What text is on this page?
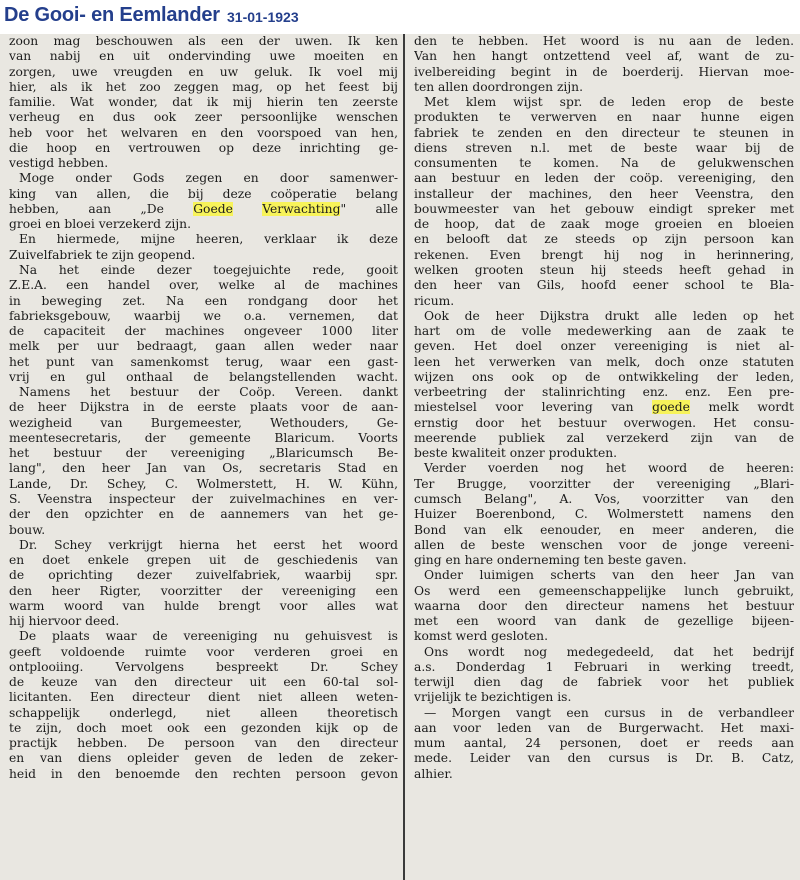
De Gooi- en Eemlander 31-01-1923
zoon mag beschouwen als een der uwen. Ik ken
van nabij en uit ondervinding uwe moeiten en
zorgen, uwe vreugden en uw geluk. Ik voel mij
hier, als ik het zoo zeggen mag, op het feest bij
familie. Wat wonder, dat ik mij hierin ten zeerste
verheug en dus ook zeer persoonlijke wenschen
heb voor het welvaren en den voorspoed van hen,
die hoop en vertrouwen op deze inrichting ge-
vestigd hebben.
Moge onder Gods zegen en door samenwer-
king van allen, die bij deze coöperatie belang
hebben, aan „De Goede Verwachting" alle
groei en bloei verzekerd zijn.
En hiermede, mijne heeren, verklaar ik deze
Zuivelfabriek te zijn geopend.
Na het einde dezer toegejuichte rede, gooit
Z.E.A. een handel over, welke al de machines
in beweging zet. Na een rondgang door het
fabrieksgebouw, waarbij we o.a. vernemen, dat
de capaciteit der machines ongeveer 1000 liter
melk per uur bedraagt, gaan allen weder naar
het punt van samenkomst terug, waar een gast-
vrij en gul onthaal de belangstellenden wacht.
Namens het bestuur der Coöp. Vereen. dankt
de heer Dijkstra in de eerste plaats voor de aan-
wezigheid van Burgemeester, Wethouders, Ge-
meentesecretaris, der gemeente Blaricum. Voorts
het bestuur der vereeniging „Blaricumsch Be-
lang", den heer Jan van Os, secretaris Stad en
Lande, Dr. Schey, C. Wolmerstett, H. W. Kühn,
S. Veenstra inspecteur der zuivelmachines en ver-
der den opzichter en de aannemers van het ge-
bouw.
Dr. Schey verkrijgt hierna het eerst het woord
en doet enkele grepen uit de geschiedenis van
de oprichting dezer zuivelfabriek, waarbij spr.
den heer Rigter, voorzitter der vereeniging een
warm woord van hulde brengt voor alles wat
hij hiervoor deed.
De plaats waar de vereeniging nu gehuisvest is
geeft voldoende ruimte voor verderen groei en
ontplooiing. Vervolgens bespreekt Dr. Schey
de keuze van den directeur uit een 60-tal sol-
licitanten. Een directeur dient niet alleen weten-
schappelijk onderlegd, niet alleen theoretisch
te zijn, doch moet ook een gezonden kijk op de
practijk hebben. De persoon van den directeur
en van diens opleider geven de leden de zeker-
heid in den benoemde den rechten persoon gevon
den te hebben. Het woord is nu aan de leden.
Van hen hangt ontzettend veel af, want de zu-
ivelbereiding begint in de boerderij. Hiervan moe-
ten allen doordrongen zijn.
Met klem wijst spr. de leden erop de beste
produkten te verwerven en naar hunne eigen
fabriek te zenden en den directeur te steunen in
diens streven n.l. met de beste waar bij de
consumenten te komen. Na de gelukwenschen
aan bestuur en leden der coöp. vereeniging, den
installeur der machines, den heer Veenstra, den
bouwmeester van het gebouw eindigt spreker met
de hoop, dat de zaak moge groeien en bloeien
en belooft dat ze steeds op zijn persoon kan
rekenen. Even brengt hij nog in herinnering,
welken grooten steun hij steeds heeft gehad in
den heer van Gils, hoofd eener school te Bla-
ricum.
Ook de heer Dijkstra drukt alle leden op het
hart om de volle medewerking aan de zaak te
geven. Het doel onzer vereeniging is niet al-
leen het verwerken van melk, doch onze statuten
wijzen ons ook op de ontwikkeling der leden,
verbeetring der stalinrichting enz. enz. Een pre-
miestelsel voor levering van goede melk wordt
ernstig door het bestuur overwogen. Het consu-
meerende publiek zal verzekerd zijn van de
beste kwaliteit onzer produkten.
Verder voerden nog het woord de heeren:
Ter Brugge, voorzitter der vereeniging „Blari-
cumsch Belang", A. Vos, voorzitter van den
Huizer Boerenbond, C. Wolmerstett namens den
Bond van elk eenouder, en meer anderen, die
allen de beste wenschen voor de jonge vereeni-
ging en hare onderneming ten beste gaven.
Onder luimigen scherts van den heer Jan van
Os werd een gemeenschappelijke lunch gebruikt,
waarna door den directeur namens het bestuur
met een woord van dank de gezellige bijeen-
komst werd gesloten.
Ons wordt nog medegedeeld, dat het bedrijf
a.s. Donderdag 1 Februari in werking treedt,
terwijl dien dag de fabriek voor het publiek
vrijelijk te bezichtigen is.
— Morgen vangt een cursus in de verbandleer
aan voor leden van de Burgerwacht. Het maxi-
mum aantal, 24 personen, doet er reeds aan
mede. Leider van den cursus is Dr. B. Catz,
alhier.
